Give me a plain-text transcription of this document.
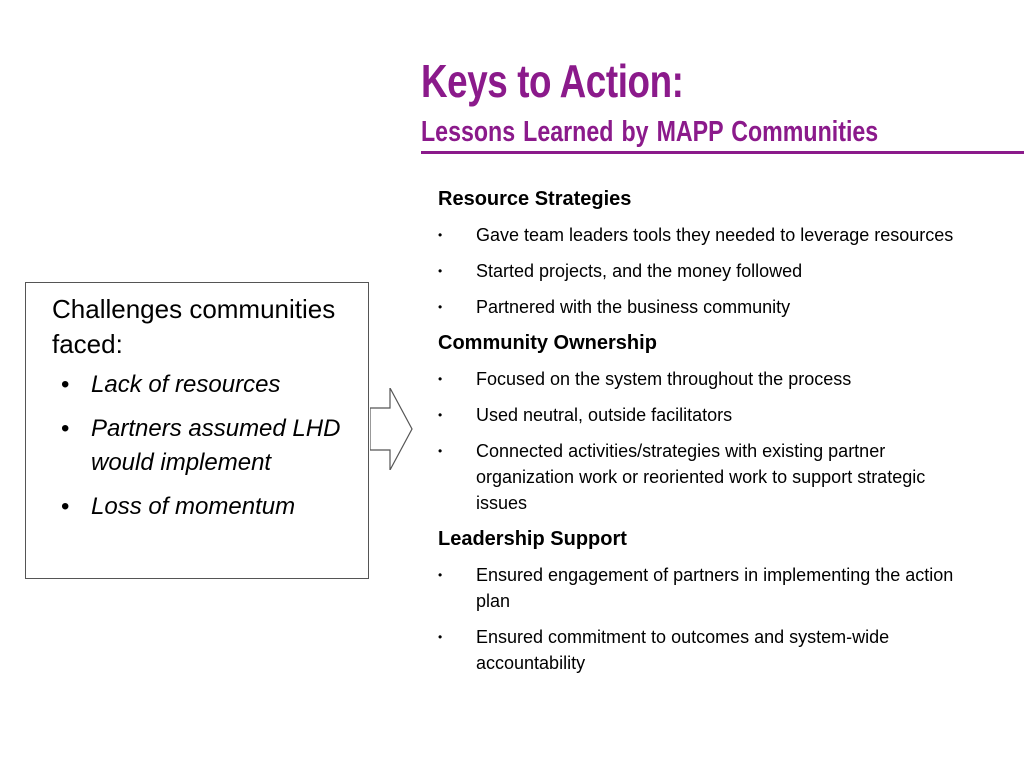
Keys to Action:
Lessons Learned by MAPP Communities
Challenges communities faced:
• Lack of resources
• Partners assumed LHD would implement
• Loss of momentum
Resource Strategies
• Gave team leaders tools they needed to leverage resources
• Started projects, and the money followed
• Partnered with the business community
Community Ownership
• Focused on the system throughout the process
• Used neutral, outside facilitators
• Connected activities/strategies with existing partner organization work or reoriented work to support strategic issues
Leadership Support
• Ensured engagement of partners in implementing the action plan
• Ensured commitment to outcomes and system-wide accountability
